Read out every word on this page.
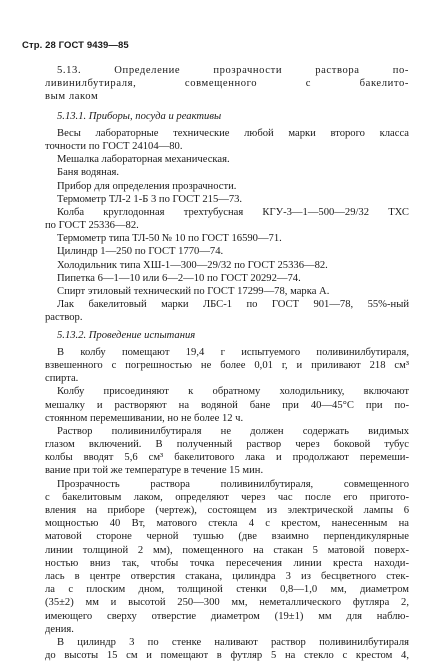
Стр. 28 ГОСТ 9439—85
5.13. Определение прозрачности раствора по-
ливинилбутираля, совмещенного с бакелито-
вым лаком
5.13.1. Приборы, посуда и реактивы
Весы лабораторные технические любой марки второго класса
точности по ГОСТ 24104—80.
Мешалка лабораторная механическая.
Баня водяная.
Прибор для определения прозрачности.
Термометр ТЛ-2 1-Б 3 по ГОСТ 215—73.
Колба круглодонная трехтубусная КГУ-3—1—500—29/32 ТХС
по ГОСТ 25336—82.
Термометр типа ТЛ-50 № 10 по ГОСТ 16590—71.
Цилиндр 1—250 по ГОСТ 1770—74.
Холодильник типа ХШ-1—300—29/32 по ГОСТ 25336—82.
Пипетка 6—1—10 или 6—2—10 по ГОСТ 20292—74.
Спирт этиловый технический по ГОСТ 17299—78, марка А.
Лак бакелитовый марки ЛБС-1 по ГОСТ 901—78, 55%-ный
раствор.
5.13.2. Проведение испытания
В колбу помещают 19,4 г испытуемого поливинилбутираля,
взвешенного с погрешностью не более 0,01 г, и приливают 218 см³
спирта.
Колбу присоединяют к обратному холодильнику, включают
мешалку и растворяют на водяной бане при 40—45°С при по-
стоянном перемешивании, но не более 12 ч.
Раствор поливинилбутираля не должен содержать видимых
глазом включений. В полученный раствор через боковой тубус
колбы вводят 5,6 см³ бакелитового лака и продолжают перемеши-
вание при той же температуре в течение 15 мин.
Прозрачность раствора поливинилбутираля, совмещенного
с бакелитовым лаком, определяют через час после его пригото-
вления на приборе (чертеж), состоящем из электрической лампы 6
мощностью 40 Вт, матового стекла 4 с крестом, нанесенным на
матовой стороне черной тушью (две взаимно перпендикулярные
линии толщиной 2 мм), помещенного на стакан 5 матовой поверх-
ностью вниз так, чтобы точка пересечения линии креста находи-
лась в центре отверстия стакана, цилиндра 3 из бесцветного стек-
ла с плоским дном, толщиной стенки 0,8—1,0 мм, диаметром
(35±2) мм и высотой 250—300 мм, неметаллического футляра 2,
имеющего сверху отверстие диаметром (19±1) мм для наблю-
дения.
В цилиндр 3 по стенке наливают раствор поливинилбутираля
до высоты 15 см и помещают в футляр 5 на стекло с крестом 4,
